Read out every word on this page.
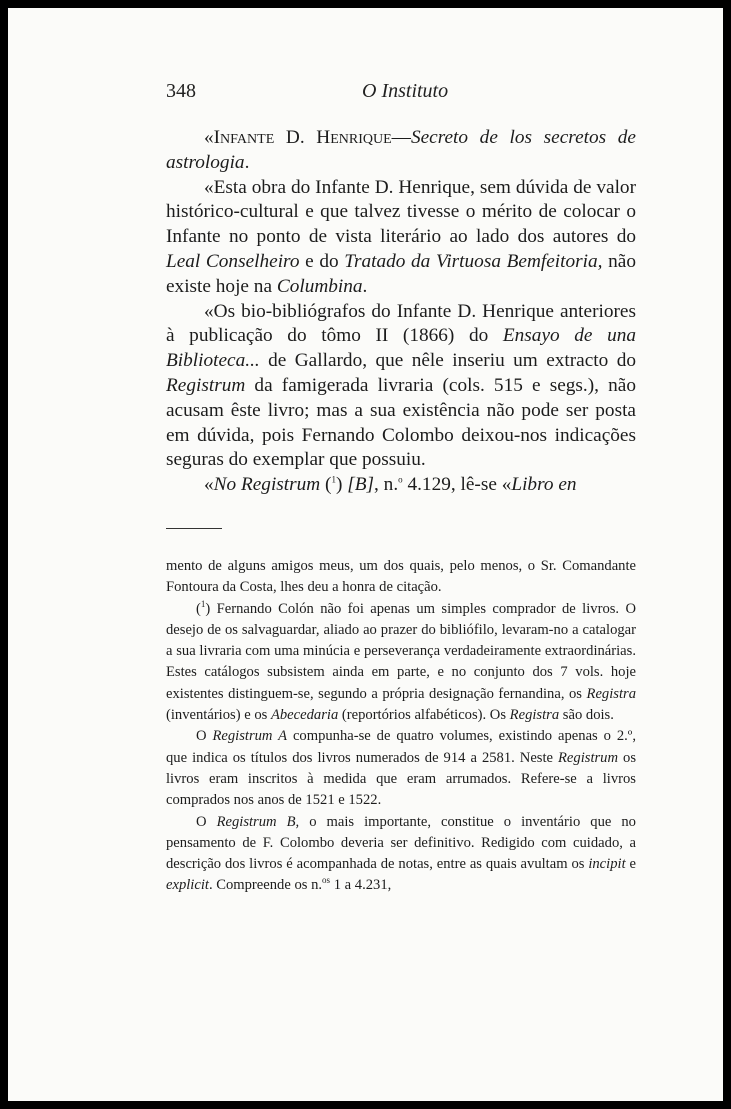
348	O Instituto

«Infante D. Henrique—Secreto de los secretos de astrologia.

«Esta obra do Infante D. Henrique, sem dúvida de valor histórico-cultural e que talvez tivesse o mérito de colocar o Infante no ponto de vista literário ao lado dos autores do Leal Conselheiro e do Tratado da Virtuosa Bemfeitoria, não existe hoje na Columbina.

«Os bio-bibliógrafos do Infante D. Henrique anteriores à publicação do tômo II (1866) do Ensayo de una Biblioteca... de Gallardo, que nêle inseriu um extracto do Registrum da famigerada livraria (cols. 515 e segs.), não acusam êste livro; mas a sua existência não pode ser posta em dúvida, pois Fernando Colombo deixou-nos indicações seguras do exemplar que possuiu.

«No Registrum ($^1$) [B], n.$^o$ 4.129, lê-se «Libro en

mento de alguns amigos meus, um dos quais, pelo menos, o Sr. Comandante Fontoura da Costa, lhes deu a honra de citação.

($^1$) Fernando Colón não foi apenas um simples comprador de livros. O desejo de os salvaguardar, aliado ao prazer do bibliófilo, levaram-no a catalogar a sua livraria com uma minúcia e perseverança verdadeiramente extraordinárias. Estes catálogos subsistem ainda em parte, e no conjunto dos 7 vols. hoje existentes distinguem-se, segundo a própria designação fernandina, os Registra (inventários) e os Abecedaria (reportórios alfabéticos). Os Registra são dois.

O Registrum A compunha-se de quatro volumes, existindo apenas o 2.º, que indica os títulos dos livros numerados de 914 a 2581. Neste Registrum os livros eram inscritos à medida que eram arrumados. Refere-se a livros comprados nos anos de 1521 e 1522.

O Registrum B, o mais importante, constitue o inventário que no pensamento de F. Colombo deveria ser definitivo. Redigido com cuidado, a descrição dos livros é acompanhada de notas, entre as quais avultam os incipit e explicit. Compreende os n.$^{os}$ 1 a 4.231,
